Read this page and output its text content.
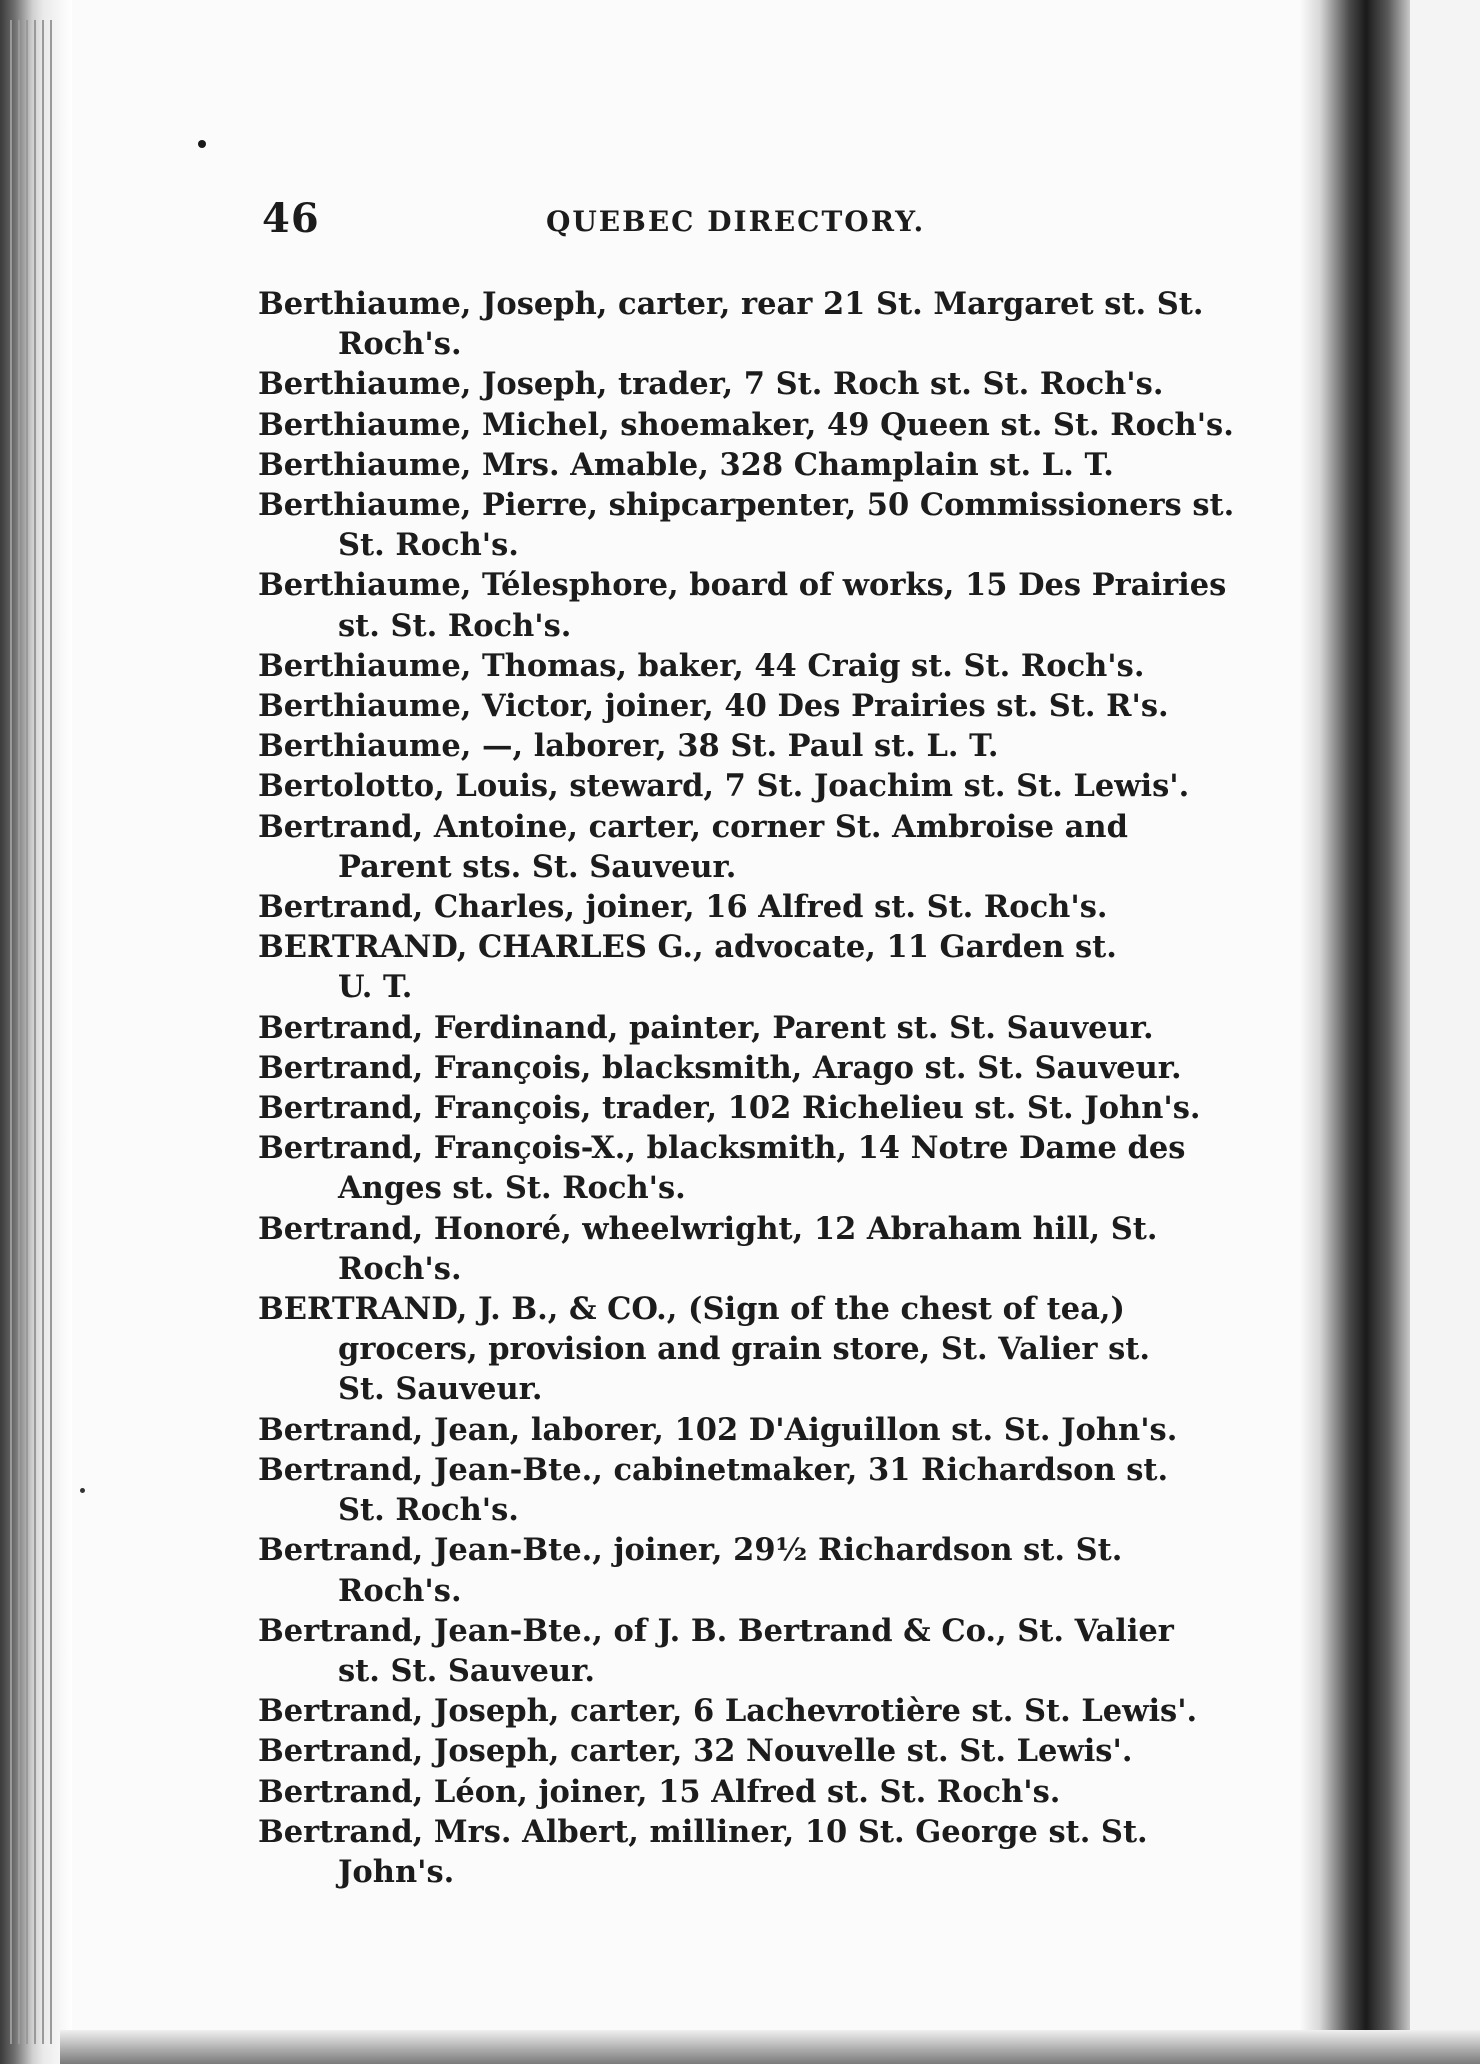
46	QUEBEC DIRECTORY.
Berthiaume, Joseph, carter, rear 21 St. Margaret st. St.
Roch's.
Berthiaume, Joseph, trader, 7 St. Roch st. St. Roch's.
Berthiaume, Michel, shoemaker, 49 Queen st. St. Roch's.
Berthiaume, Mrs. Amable, 328 Champlain st. L. T.
Berthiaume, Pierre, shipcarpenter, 50 Commissioners st.
St. Roch's.
Berthiaume, Télesphore, board of works, 15 Des Prairies
st. St. Roch's.
Berthiaume, Thomas, baker, 44 Craig st. St. Roch's.
Berthiaume, Victor, joiner, 40 Des Prairies st. St. R's.
Berthiaume, —, laborer, 38 St. Paul st. L. T.
Bertolotto, Louis, steward, 7 St. Joachim st. St. Lewis'.
Bertrand, Antoine, carter, corner St. Ambroise and
Parent sts. St. Sauveur.
Bertrand, Charles, joiner, 16 Alfred st. St. Roch's.
BERTRAND, CHARLES G., advocate, 11 Garden st.
U. T.
Bertrand, Ferdinand, painter, Parent st. St. Sauveur.
Bertrand, François, blacksmith, Arago st. St. Sauveur.
Bertrand, François, trader, 102 Richelieu st. St. John's.
Bertrand, François-X., blacksmith, 14 Notre Dame des
Anges st. St. Roch's.
Bertrand, Honoré, wheelwright, 12 Abraham hill, St.
Roch's.
BERTRAND, J. B., & CO., (Sign of the chest of tea,)
grocers, provision and grain store, St. Valier st.
St. Sauveur.
Bertrand, Jean, laborer, 102 D'Aiguillon st. St. John's.
Bertrand, Jean-Bte., cabinetmaker, 31 Richardson st.
St. Roch's.
Bertrand, Jean-Bte., joiner, 29½ Richardson st. St.
Roch's.
Bertrand, Jean-Bte., of J. B. Bertrand & Co., St. Valier
st. St. Sauveur.
Bertrand, Joseph, carter, 6 Lachevrotière st. St. Lewis'.
Bertrand, Joseph, carter, 32 Nouvelle st. St. Lewis'.
Bertrand, Léon, joiner, 15 Alfred st. St. Roch's.
Bertrand, Mrs. Albert, milliner, 10 St. George st. St.
John's.
